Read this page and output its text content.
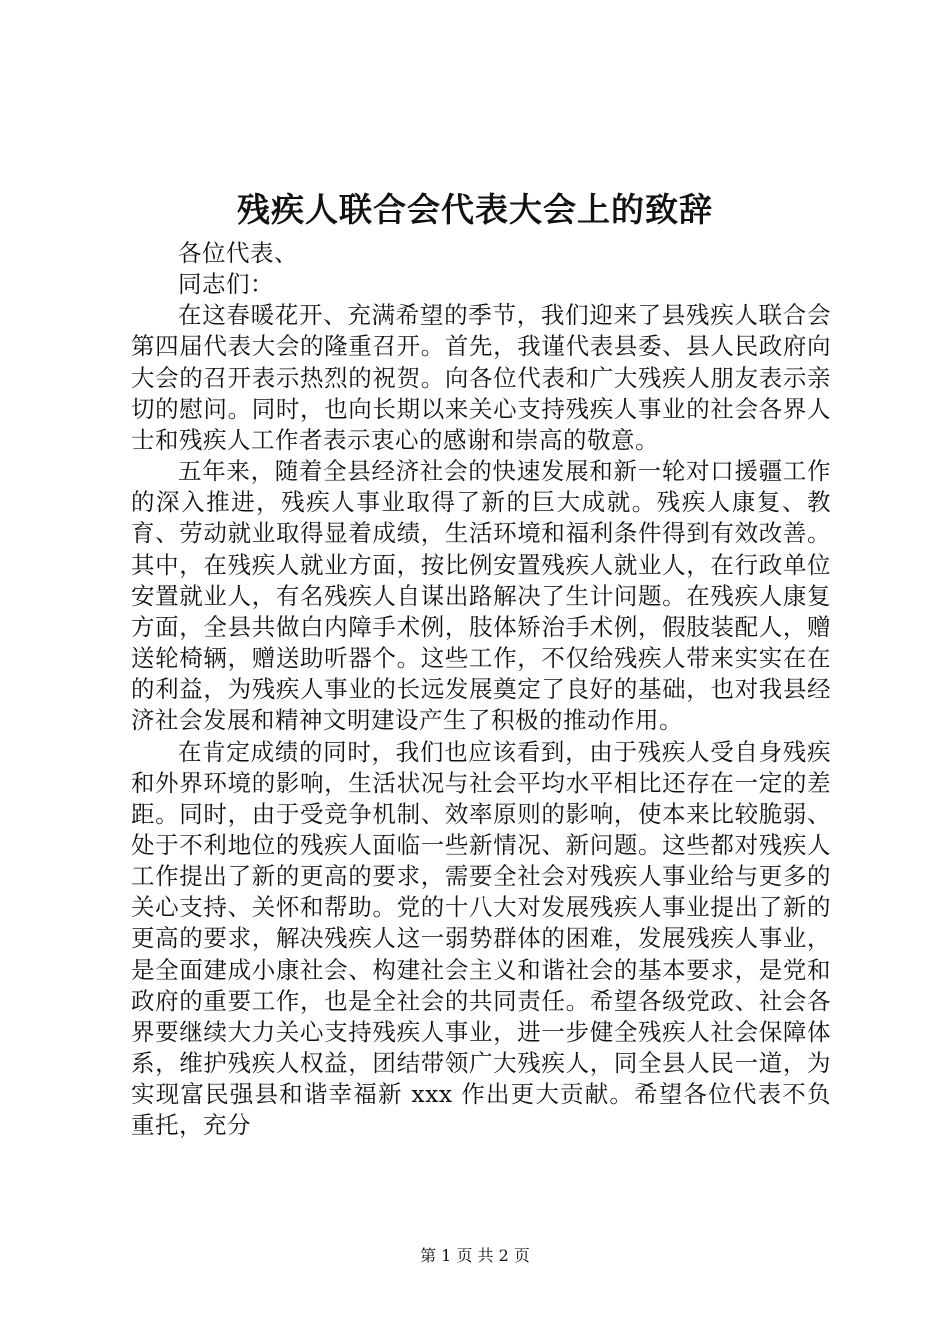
残疾人联合会代表大会上的致辞

各位代表、

同志们：

在这春暖花开、充满希望的季节，我们迎来了县残疾人联合会第四届代表大会的隆重召开。首先，我谨代表县委、县人民政府向大会的召开表示热烈的祝贺。向各位代表和广大残疾人朋友表示亲切的慰问。同时，也向长期以来关心支持残疾人事业的社会各界人士和残疾人工作者表示衷心的感谢和崇高的敬意。

五年来，随着全县经济社会的快速发展和新一轮对口援疆工作的深入推进，残疾人事业取得了新的巨大成就。残疾人康复、教育、劳动就业取得显着成绩，生活环境和福利条件得到有效改善。其中，在残疾人就业方面，按比例安置残疾人就业人，在行政单位安置就业人，有名残疾人自谋出路解决了生计问题。在残疾人康复方面，全县共做白内障手术例，肢体矫治手术例，假肢装配人，赠送轮椅辆，赠送助听器个。这些工作，不仅给残疾人带来实实在在的利益，为残疾人事业的长远发展奠定了良好的基础，也对我县经济社会发展和精神文明建设产生了积极的推动作用。

在肯定成绩的同时，我们也应该看到，由于残疾人受自身残疾和外界环境的影响，生活状况与社会平均水平相比还存在一定的差距。同时，由于受竞争机制、效率原则的影响，使本来比较脆弱、处于不利地位的残疾人面临一些新情况、新问题。这些都对残疾人工作提出了新的更高的要求，需要全社会对残疾人事业给与更多的关心支持、关怀和帮助。党的十八大对发展残疾人事业提出了新的更高的要求，解决残疾人这一弱势群体的困难，发展残疾人事业，是全面建成小康社会、构建社会主义和谐社会的基本要求，是党和政府的重要工作，也是全社会的共同责任。希望各级党政、社会各界要继续大力关心支持残疾人事业，进一步健全残疾人社会保障体系，维护残疾人权益，团结带领广大残疾人，同全县人民一道，为实现富民强县和谐幸福新 xxx 作出更大贡献。希望各位代表不负重托，充分

第 1 页 共 2 页
